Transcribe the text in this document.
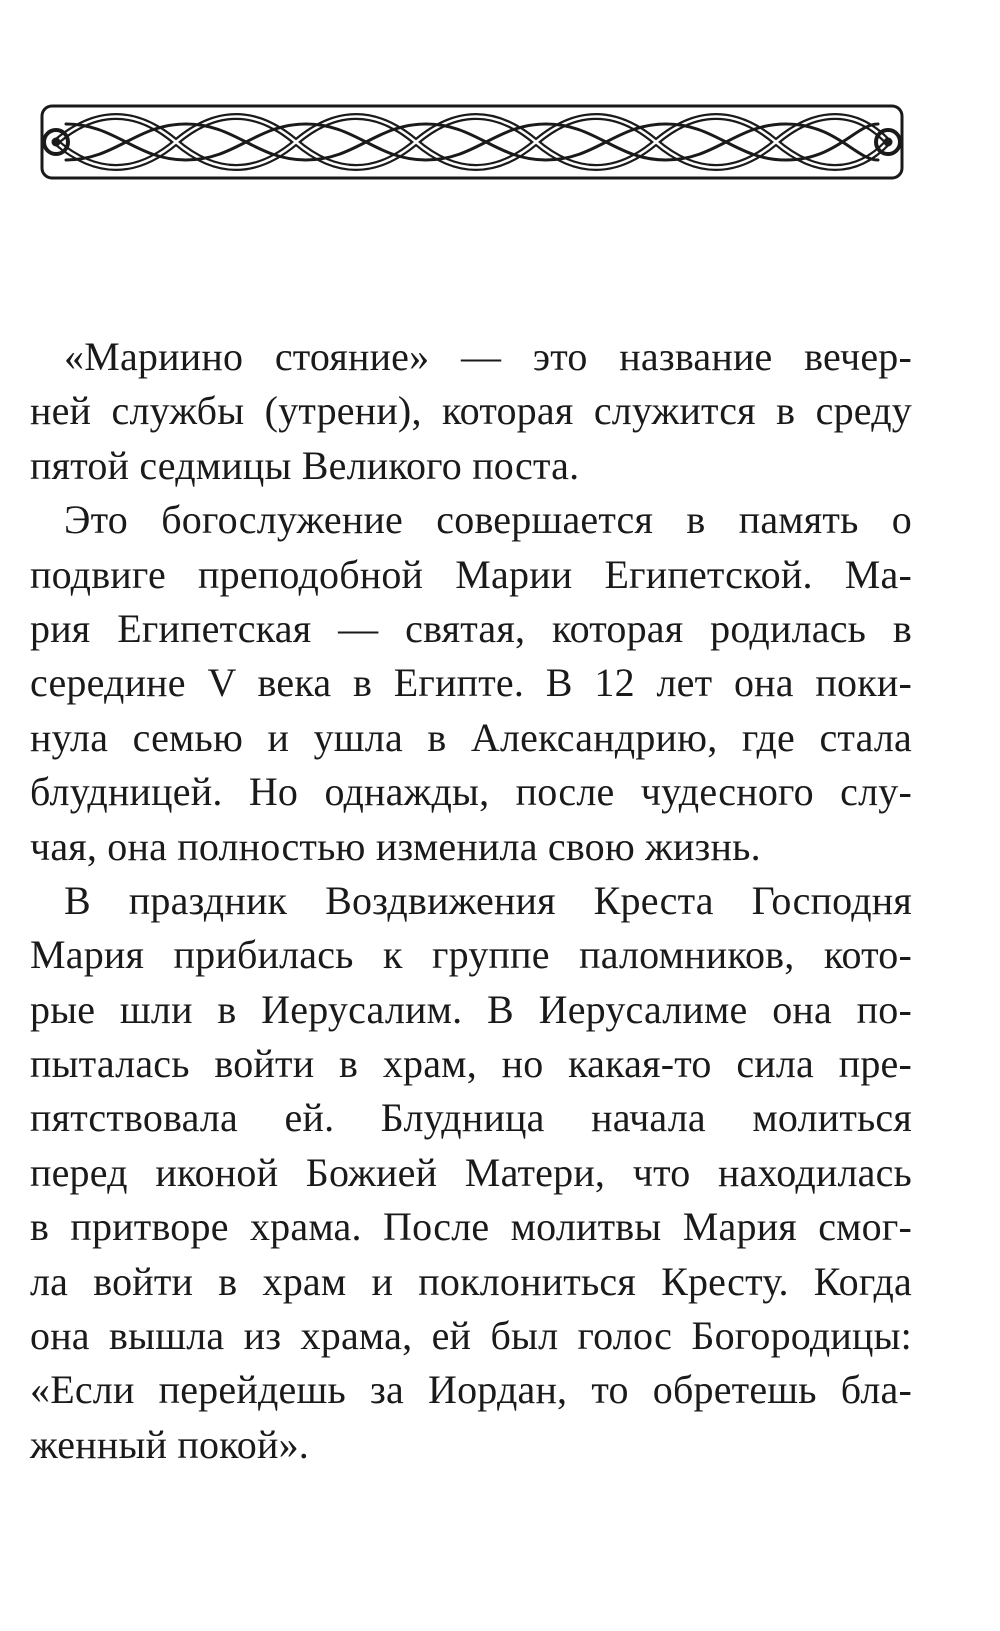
«Мариино стояние» — это название вечер-
ней службы (утрени), которая служится в среду
пятой седмицы Великого поста.
Это богослужение совершается в память о
подвиге преподобной Марии Египетской. Ма-
рия Египетская — святая, которая родилась в
середине V века в Египте. В 12 лет она поки-
нула семью и ушла в Александрию, где стала
блудницей. Но однажды, после чудесного слу-
чая, она полностью изменила свою жизнь.
В праздник Воздвижения Креста Господня
Мария прибилась к группе паломников, кото-
рые шли в Иерусалим. В Иерусалиме она по-
пыталась войти в храм, но какая-то сила пре-
пятствовала ей. Блудница начала молиться
перед иконой Божией Матери, что находилась
в притворе храма. После молитвы Мария смог-
ла войти в храм и поклониться Кресту. Когда
она вышла из храма, ей был голос Богородицы:
«Если перейдешь за Иордан, то обретешь бла-
женный покой».
